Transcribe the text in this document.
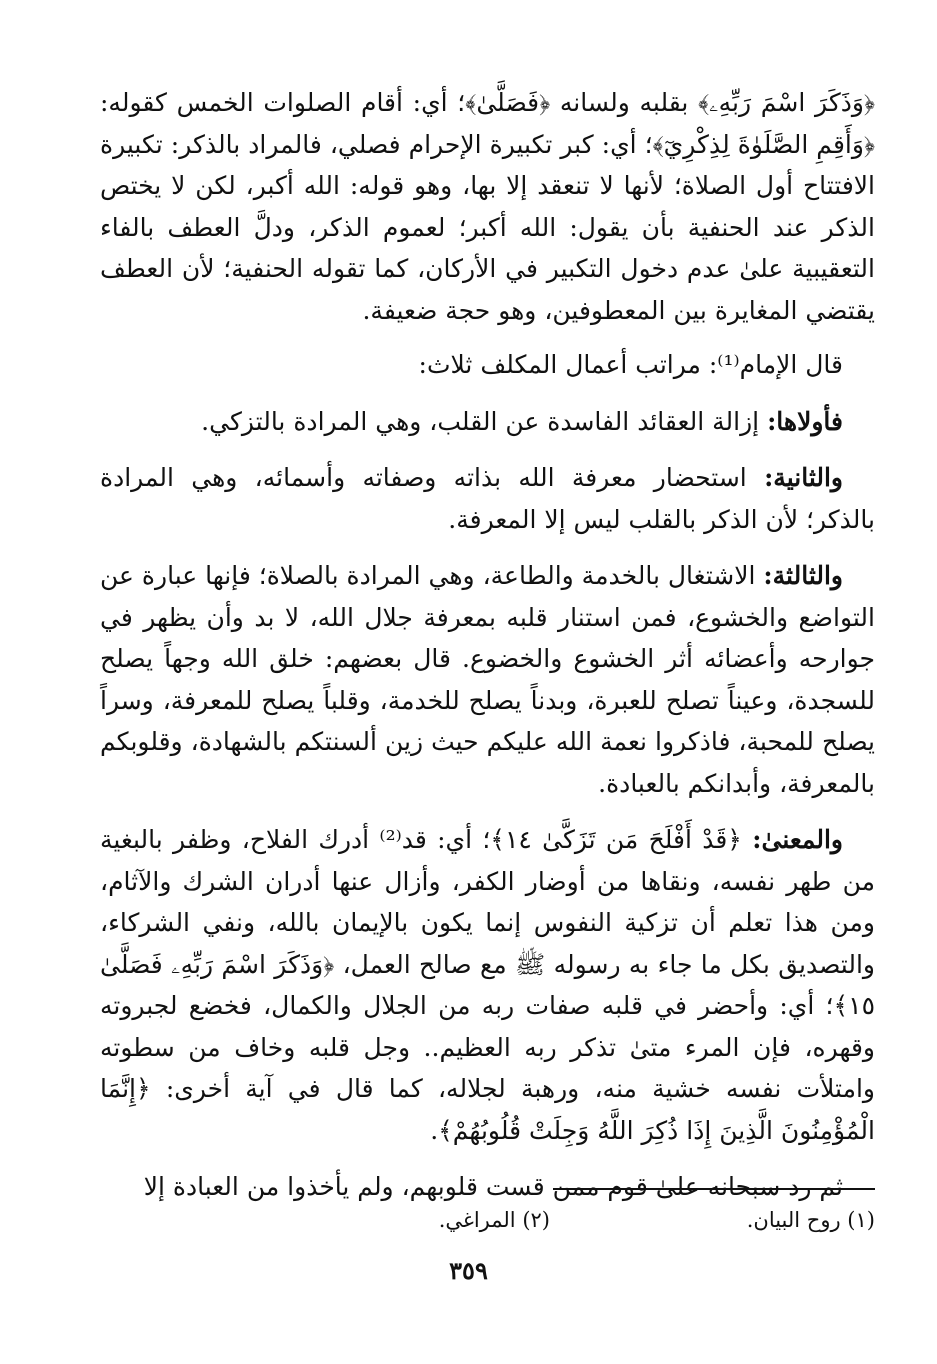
﴿وَذَكَرَ اسْمَ رَبِّهِۦ﴾ بقلبه ولسانه ﴿فَصَلَّىٰ﴾؛ أي: أقام الصلوات الخمس كقوله: ﴿وَأَقِمِ الصَّلَوٰةَ لِذِكْرِيٓ﴾؛ أي: كبر تكبيرة الإحرام فصلي، فالمراد بالذكر: تكبيرة الافتتاح أول الصلاة؛ لأنها لا تنعقد إلا بها، وهو قوله: الله أكبر، لكن لا يختص الذكر عند الحنفية بأن يقول: الله أكبر؛ لعموم الذكر، ودلَّ العطف بالفاء التعقيبية علىٰ عدم دخول التكبير في الأركان، كما تقوله الحنفية؛ لأن العطف يقتضي المغايرة بين المعطوفين، وهو حجة ضعيفة.

قال الإمام⁽¹⁾: مراتب أعمال المكلف ثلاث:

فأولاها: إزالة العقائد الفاسدة عن القلب، وهي المرادة بالتزكي.

والثانية: استحضار معرفة الله بذاته وصفاته وأسمائه، وهي المرادة بالذكر؛ لأن الذكر بالقلب ليس إلا المعرفة.

والثالثة: الاشتغال بالخدمة والطاعة، وهي المرادة بالصلاة؛ فإنها عبارة عن التواضع والخشوع، فمن استنار قلبه بمعرفة جلال الله، لا بد وأن يظهر في جوارحه وأعضائه أثر الخشوع والخضوع. قال بعضهم: خلق الله وجهاً يصلح للسجدة، وعيناً تصلح للعبرة، وبدناً يصلح للخدمة، وقلباً يصلح للمعرفة، وسراً يصلح للمحبة، فاذكروا نعمة الله عليكم حيث زين ألسنتكم بالشهادة، وقلوبكم بالمعرفة، وأبدانكم بالعبادة.

والمعنىٰ: ﴿قَدْ أَفْلَحَ مَن تَزَكَّىٰ ١٤﴾؛ أي: قد⁽²⁾ أدرك الفلاح، وظفر بالبغية من طهر نفسه، ونقاها من أوضار الكفر، وأزال عنها أدران الشرك والآثام، ومن هذا تعلم أن تزكية النفوس إنما يكون بالإيمان بالله، ونفي الشركاء، والتصديق بكل ما جاء به رسوله ﷺ مع صالح العمل، ﴿وَذَكَرَ اسْمَ رَبِّهِۦ فَصَلَّىٰ ١٥﴾؛ أي: وأحضر في قلبه صفات ربه من الجلال والكمال، فخضع لجبروته وقهره، فإن المرء متىٰ تذكر ربه العظيم.. وجل قلبه وخاف من سطوته وامتلأت نفسه خشية منه، ورهبة لجلاله، كما قال في آية أخرى: ﴿إِنَّمَا الْمُؤْمِنُونَ الَّذِينَ إِذَا ذُكِرَ اللَّهُ وَجِلَتْ قُلُوبُهُمْ﴾.

ثم رد سبحانه علىٰ قوم ممن قست قلوبهم، ولم يأخذوا من العبادة إلا

(١) روح البيان.
(٢) المراغي.
٣٥٩
